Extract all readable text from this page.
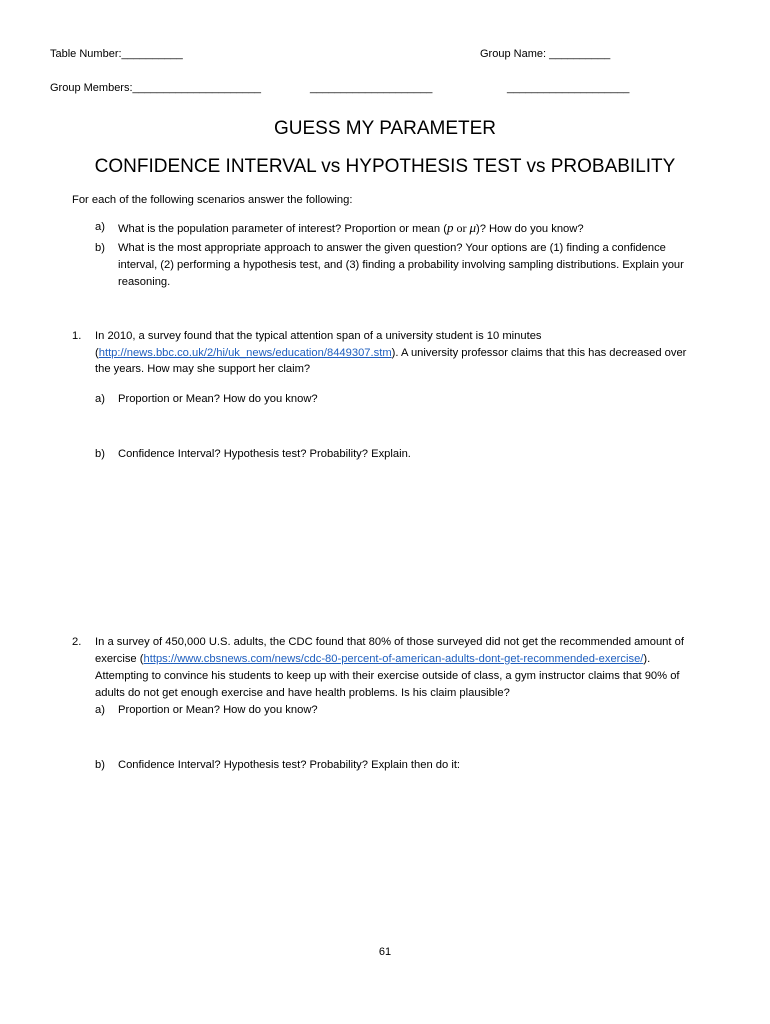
Table Number:__________	Group Name: __________
Group Members:_____________________	____________________	____________________
GUESS MY PARAMETER
CONFIDENCE INTERVAL vs HYPOTHESIS TEST vs PROBABILITY
For each of the following scenarios answer the following:
a) What is the population parameter of interest? Proportion or mean (p or μ)? How do you know?
b) What is the most appropriate approach to answer the given question? Your options are (1) finding a confidence
interval, (2) performing a hypothesis test, and (3) finding a probability involving sampling distributions. Explain your
reasoning.
1. In 2010, a survey found that the typical attention span of a university student is 10 minutes
(http://news.bbc.co.uk/2/hi/uk_news/education/8449307.stm). A university professor claims that this has decreased over
the years. How may she support her claim?
a) Proportion or Mean? How do you know?
b) Confidence Interval? Hypothesis test? Probability? Explain.
2. In a survey of 450,000 U.S. adults, the CDC found that 80% of those surveyed did not get the recommended amount of
exercise (https://www.cbsnews.com/news/cdc-80-percent-of-american-adults-dont-get-recommended-exercise/).
Attempting to convince his students to keep up with their exercise outside of class, a gym instructor claims that 90% of
adults do not get enough exercise and have health problems. Is his claim plausible?
a) Proportion or Mean? How do you know?
b) Confidence Interval? Hypothesis test? Probability? Explain then do it:
61
